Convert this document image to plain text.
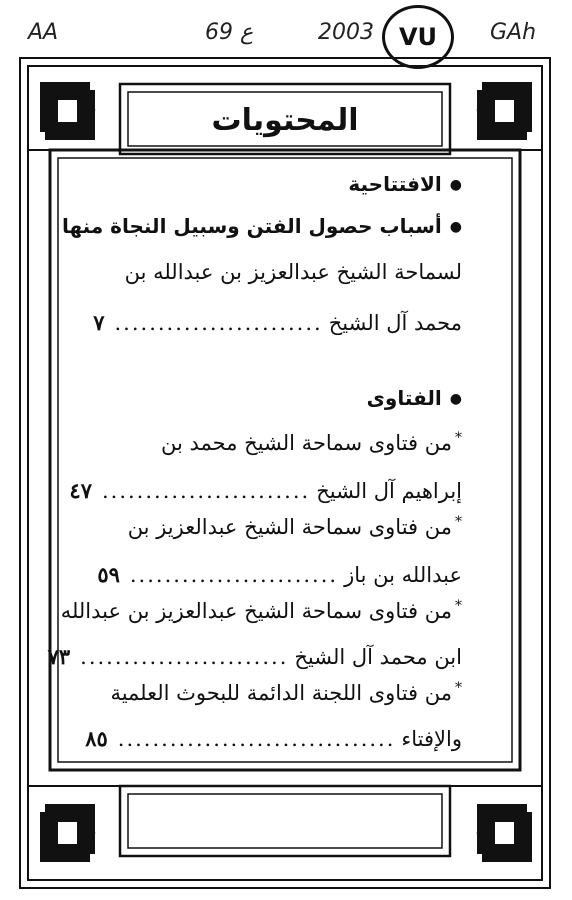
AA	69 ع	2003	GAh
VU
المحتويات
● الافتتاحية
● أسباب حصول الفتن وسبيل النجاة منها
لسماحة الشيخ عبدالعزيز بن عبدالله بن
محمد آل الشيخ........................٧
● الفتاوى
*من فتاوى سماحة الشيخ محمد بن
إبراهيم آل الشيخ........................٤٧
*من فتاوى سماحة الشيخ عبدالعزيز بن
عبدالله بن باز........................٥٩
*من فتاوى سماحة الشيخ عبدالعزيز بن عبدالله
ابن محمد آل الشيخ........................٧٣
*من فتاوى اللجنة الدائمة للبحوث العلمية
والإفتاء................................٨٥
